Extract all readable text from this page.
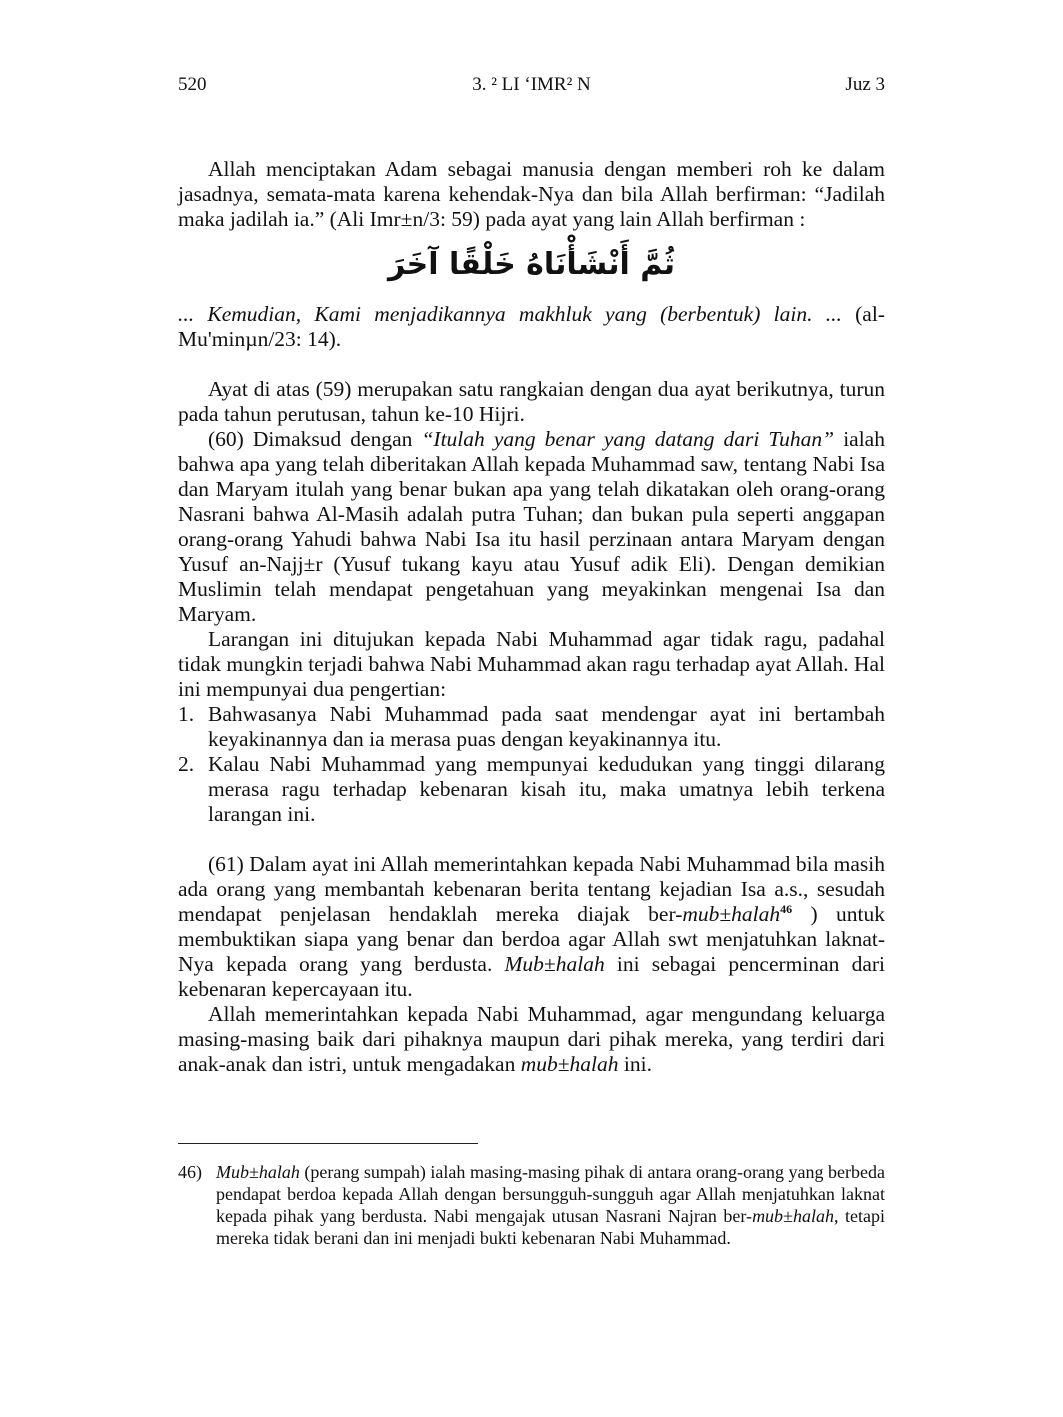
520	3. ² LI ‘IMR² N	Juz 3

Allah menciptakan Adam sebagai manusia dengan memberi roh ke dalam jasadnya, semata-mata karena kehendak-Nya dan bila Allah berfirman: “Jadilah maka jadilah ia.” (Ali Imr±n/3: 59) pada ayat yang lain Allah berfirman :

ثُمَّ أَنْشَأْنَاهُ خَلْقًا آخَرَ

... Kemudian, Kami menjadikannya makhluk yang (berbentuk) lain. ... (al-Mu'minµn/23: 14).

Ayat di atas (59) merupakan satu rangkaian dengan dua ayat berikutnya, turun pada tahun perutusan, tahun ke-10 Hijri.

(60) Dimaksud dengan “Itulah yang benar yang datang dari Tuhan” ialah bahwa apa yang telah diberitakan Allah kepada Muhammad saw, tentang Nabi Isa dan Maryam itulah yang benar bukan apa yang telah dikatakan oleh orang-orang Nasrani bahwa Al-Masih adalah putra Tuhan; dan bukan pula seperti anggapan orang-orang Yahudi bahwa Nabi Isa itu hasil perzinaan antara Maryam dengan Yusuf an-Najj±r (Yusuf tukang kayu atau Yusuf adik Eli). Dengan demikian Muslimin telah mendapat pengetahuan yang meyakinkan mengenai Isa dan Maryam.

Larangan ini ditujukan kepada Nabi Muhammad agar tidak ragu, padahal tidak mungkin terjadi bahwa Nabi Muhammad akan ragu terhadap ayat Allah. Hal ini mempunyai dua pengertian:

1. Bahwasanya Nabi Muhammad pada saat mendengar ayat ini bertambah keyakinannya dan ia merasa puas dengan keyakinannya itu.
2. Kalau Nabi Muhammad yang mempunyai kedudukan yang tinggi dilarang merasa ragu terhadap kebenaran kisah itu, maka umatnya lebih terkena larangan ini.

(61) Dalam ayat ini Allah memerintahkan kepada Nabi Muhammad bila masih ada orang yang membantah kebenaran berita tentang kejadian Isa a.s., sesudah mendapat penjelasan hendaklah mereka diajak ber-mub±halah$^{46}$ ) untuk membuktikan siapa yang benar dan berdoa agar Allah swt menjatuhkan laknat-Nya kepada orang yang berdusta. Mub±halah ini sebagai pencerminan dari kebenaran kepercayaan itu.

Allah memerintahkan kepada Nabi Muhammad, agar mengundang keluarga masing-masing baik dari pihaknya maupun dari pihak mereka, yang terdiri dari anak-anak dan istri, untuk mengadakan mub±halah ini.

46) Mub±halah (perang sumpah) ialah masing-masing pihak di antara orang-orang yang berbeda pendapat berdoa kepada Allah dengan bersungguh-sungguh agar Allah menjatuhkan laknat kepada pihak yang berdusta. Nabi mengajak utusan Nasrani Najran ber-mub±halah, tetapi mereka tidak berani dan ini menjadi bukti kebenaran Nabi Muhammad.
